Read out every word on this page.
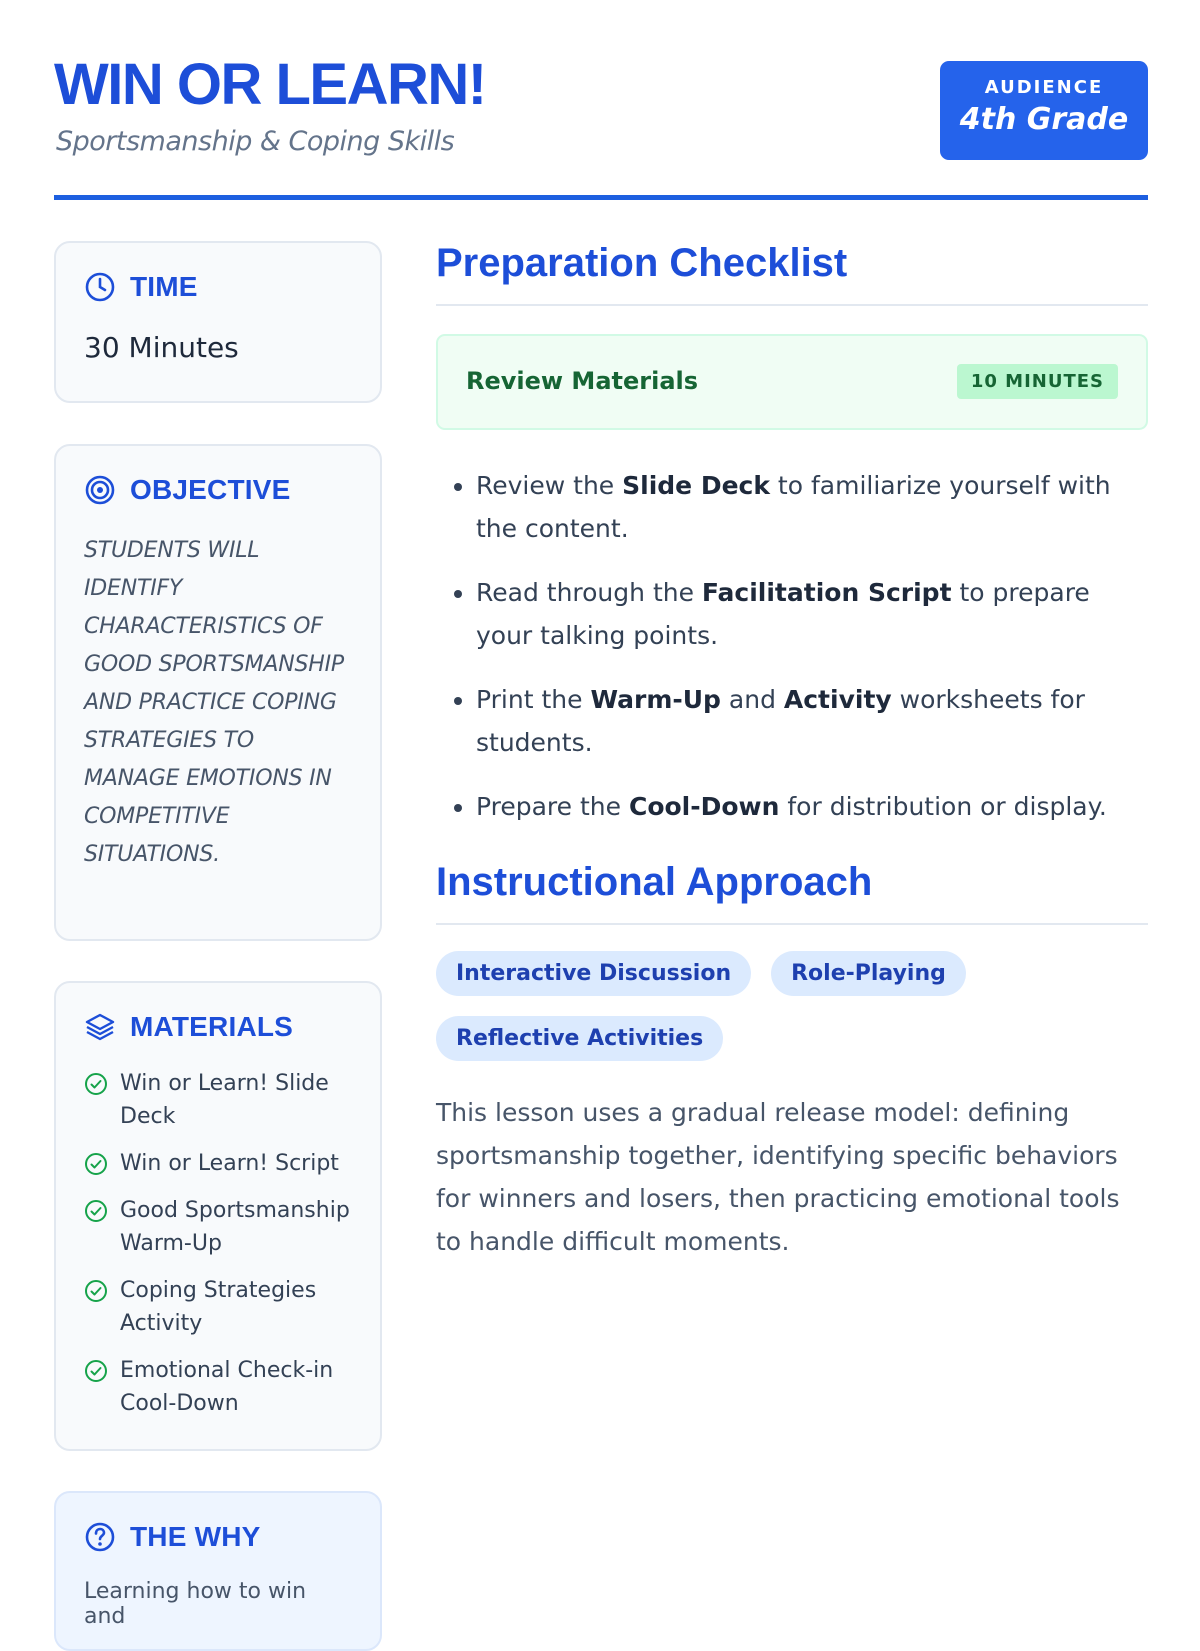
WIN OR LEARN!
Sportsmanship & Coping Skills
AUDIENCE
4th Grade
TIME
30 Minutes
OBJECTIVE

STUDENTS WILL IDENTIFY CHARACTERISTICS OF GOOD SPORTSMANSHIP AND PRACTICE COPING STRATEGIES TO MANAGE EMOTIONS IN COMPETITIVE SITUATIONS.

MATERIALS
Win or Learn! Slide Deck
Win or Learn! Script
Good Sportsmanship Warm-Up
Coping Strategies Activity
Emotional Check-in Cool-Down
THE WHY

Learning how to win and

Preparation Checklist
Review Materials	10 MINUTES
• Review the Slide Deck to familiarize yourself with the content.
• Read through the Facilitation Script to prepare your talking points.
• Print the Warm-Up and Activity worksheets for students.
• Prepare the Cool-Down for distribution or display.
Instructional Approach
Interactive Discussion	Role-Playing
Reflective Activities

This lesson uses a gradual release model: defining sportsmanship together, identifying specific behaviors for winners and losers, then practicing emotional tools to handle difficult moments.
